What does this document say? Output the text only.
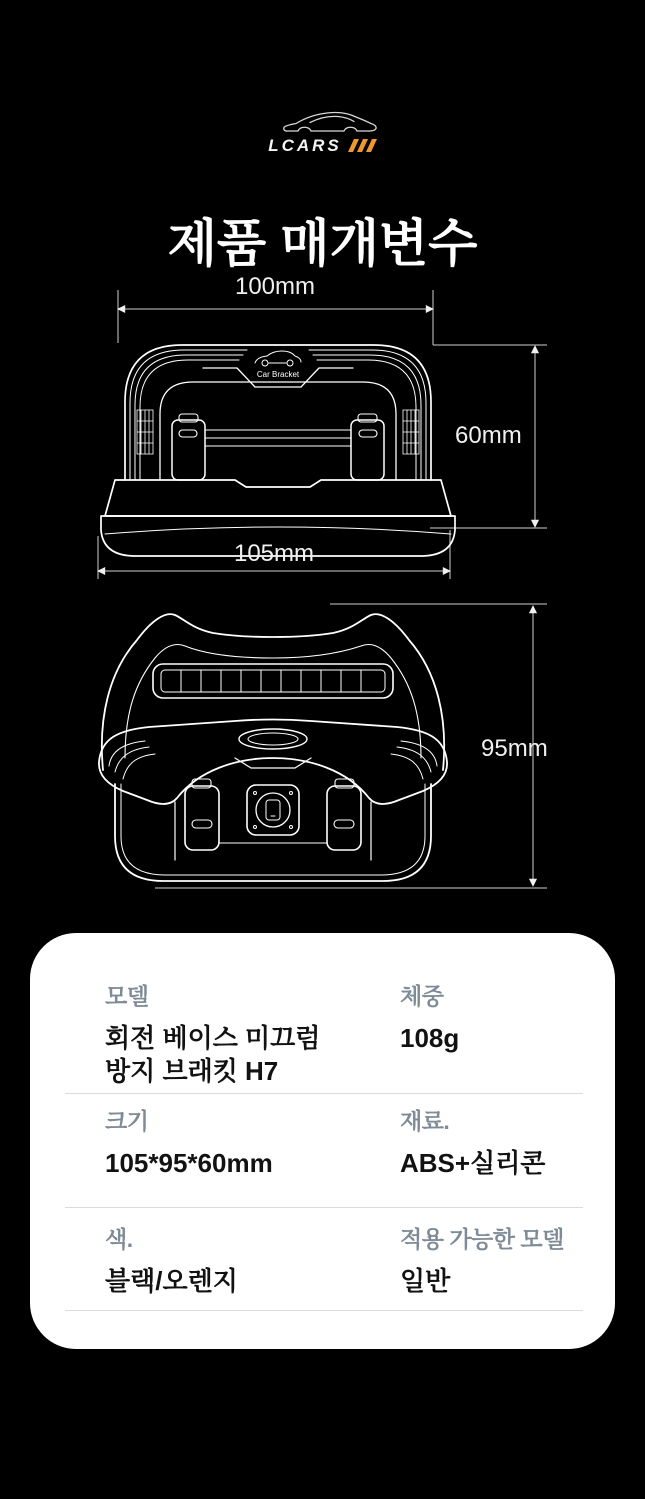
LCARS
제품 매개변수
Car Bracket
100mm
60mm
105mm
95mm
모델
회전 베이스 미끄럼 방지 브래킷 H7
체중
108g
크기
105*95*60mm
재료.
ABS+실리콘
색.
블랙/오렌지
적용 가능한 모델
일반
